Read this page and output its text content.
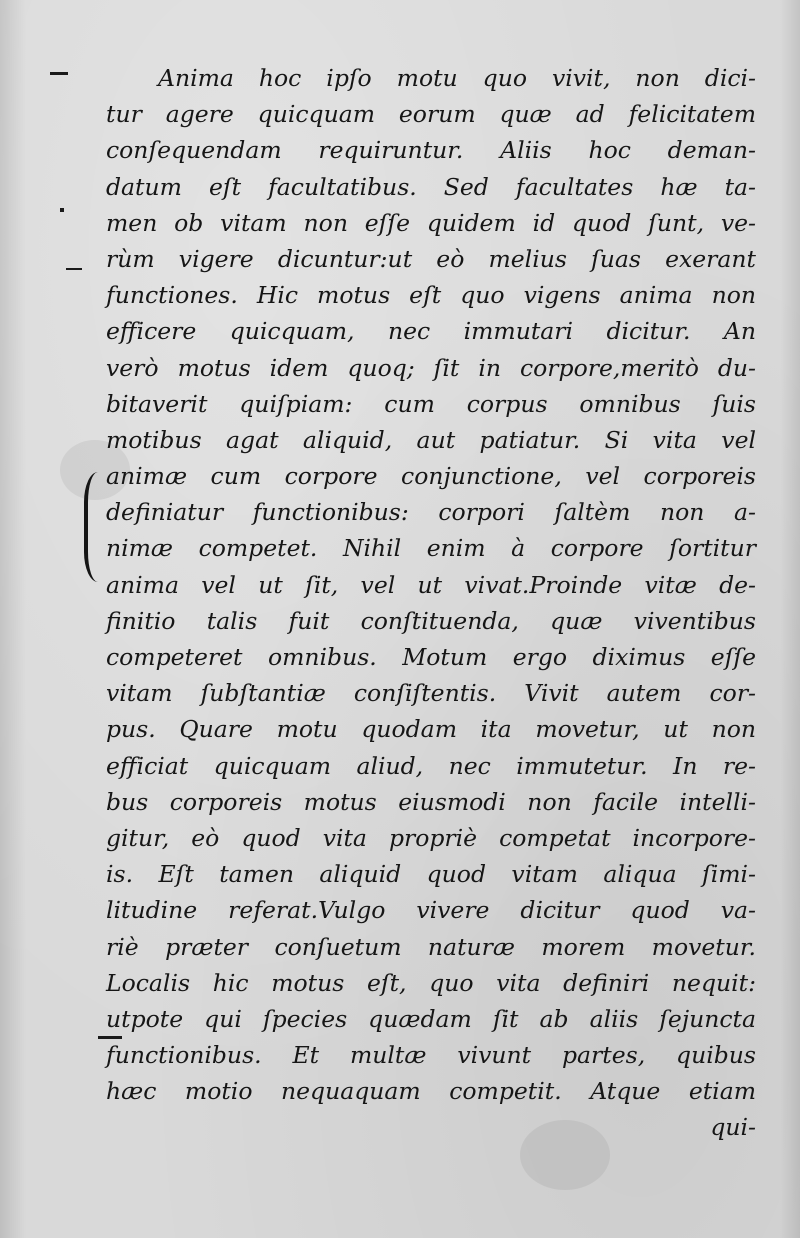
Anima hoc ipſo motu quo vivit, non dici-
tur agere quicquam eorum quæ ad felicitatem
conſequendam requiruntur. Aliis hoc deman-
datum eſt facultatibus. Sed facultates hæ ta-
men ob vitam non eſſe quidem id quod ſunt, ve-
rùm vigere dicuntur:ut eò melius ſuas exerant
functiones. Hic motus eſt quo vigens anima non
efficere quicquam, nec immutari dicitur. An
verò motus idem quoq; ſit in corpore,meritò du-
bitaverit quiſpiam: cum corpus omnibus ſuis
motibus agat aliquid, aut patiatur. Si vita vel
animæ cum corpore conjunctione, vel corporeis
definiatur functionibus: corpori ſaltèm non a-
nimæ competet. Nihil enim à corpore ſortitur
anima vel ut ſit, vel ut vivat.Proinde vitæ de-
finitio talis fuit conſtituenda, quæ viventibus
competeret omnibus. Motum ergo diximus eſſe
vitam ſubſtantiæ conſiſtentis. Vivit autem cor-
pus. Quare motu quodam ita movetur, ut non
efficiat quicquam aliud, nec immutetur. In re-
bus corporeis motus eiusmodi non facile intelli-
gitur, eò quod vita propriè competat incorpore-
is. Eſt tamen aliquid quod vitam aliqua ſimi-
litudine referat.Vulgo vivere dicitur quod va-
riè præter conſuetum naturæ morem movetur.
Localis hic motus eſt, quo vita definiri nequit:
utpote qui ſpecies quædam ſit ab aliis ſejuncta
functionibus. Et multæ vivunt partes, quibus
hæc motio nequaquam competit. Atque etiam
qui-
